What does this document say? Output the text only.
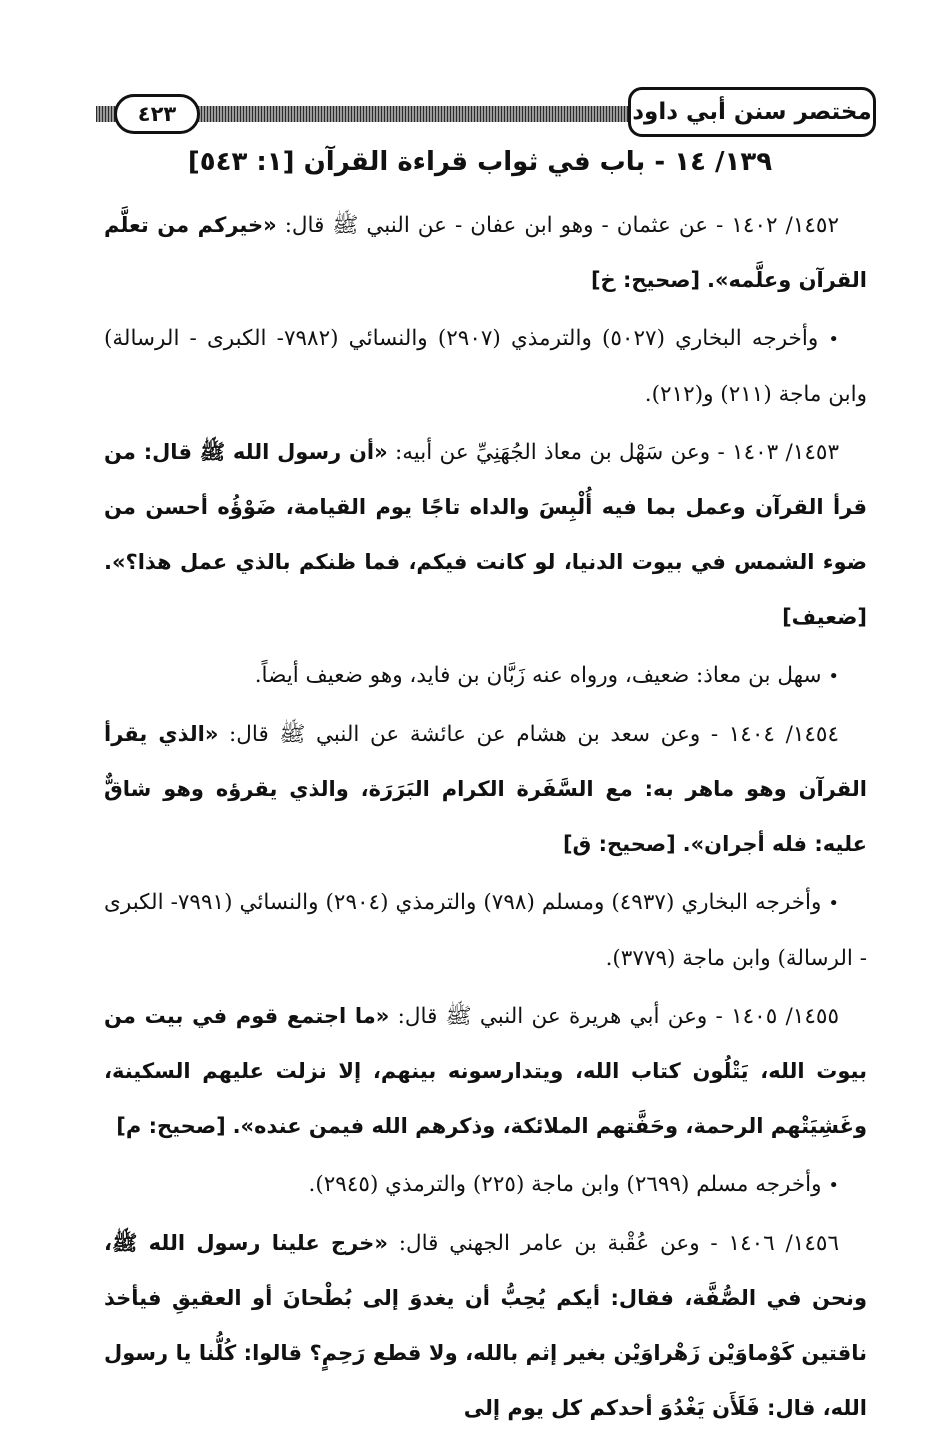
مختصر سنن أبي داود
٤٢٣
١٣٩/ ١٤ - باب في ثواب قراءة القرآن [١: ٥٤٣]

١٤٥٢/ ١٤٠٢ - عن عثمان - وهو ابن عفان - عن النبي ﷺ قال: «خيركم من تعلَّم القرآن وعلَّمه». [صحيح: خ]

• وأخرجه البخاري (٥٠٢٧) والترمذي (٢٩٠٧) والنسائي (٧٩٨٢- الكبرى - الرسالة) وابن ماجة (٢١١) و(٢١٢).

١٤٥٣/ ١٤٠٣ - وعن سَهْل بن معاذ الجُهَنِيِّ عن أبيه: «أن رسول الله ﷺ قال: من قرأ القرآن وعمل بما فيه أُلْبِسَ والداه تاجًا يوم القيامة، ضَوْؤُه أحسن من ضوء الشمس في بيوت الدنيا، لو كانت فيكم، فما ظنكم بالذي عمل هذا؟». [ضعيف]

• سهل بن معاذ: ضعيف، ورواه عنه زَبَّان بن فايد، وهو ضعيف أيضاً.

١٤٥٤/ ١٤٠٤ - وعن سعد بن هشام عن عائشة عن النبي ﷺ قال: «الذي يقرأ القرآن وهو ماهر به: مع السَّفَرة الكرام البَرَرَة، والذي يقرؤه وهو شاقٌّ عليه: فله أجران». [صحيح: ق]

• وأخرجه البخاري (٤٩٣٧) ومسلم (٧٩٨) والترمذي (٢٩٠٤) والنسائي (٧٩٩١- الكبرى - الرسالة) وابن ماجة (٣٧٧٩).

١٤٥٥/ ١٤٠٥ - وعن أبي هريرة عن النبي ﷺ قال: «ما اجتمع قوم في بيت من بيوت الله، يَتْلُون كتاب الله، ويتدارسونه بينهم، إلا نزلت عليهم السكينة، وغَشِيَتْهم الرحمة، وحَفَّتهم الملائكة، وذكرهم الله فيمن عنده». [صحيح: م]

• وأخرجه مسلم (٢٦٩٩) وابن ماجة (٢٢٥) والترمذي (٢٩٤٥).

١٤٥٦/ ١٤٠٦ - وعن عُقْبة بن عامر الجهني قال: «خرج علينا رسول الله ﷺ، ونحن في الصُّفَّة، فقال: أيكم يُحِبُّ أن يغدوَ إلى بُطْحانَ أو العقيقِ فيأخذ ناقتين كَوْماوَيْن زَهْراوَيْن بغير إثم بالله، ولا قطع رَحِمٍ؟ قالوا: كُلُّنا يا رسول الله، قال: فَلَأَن يَغْدُوَ أحدكم كل يوم إلى
